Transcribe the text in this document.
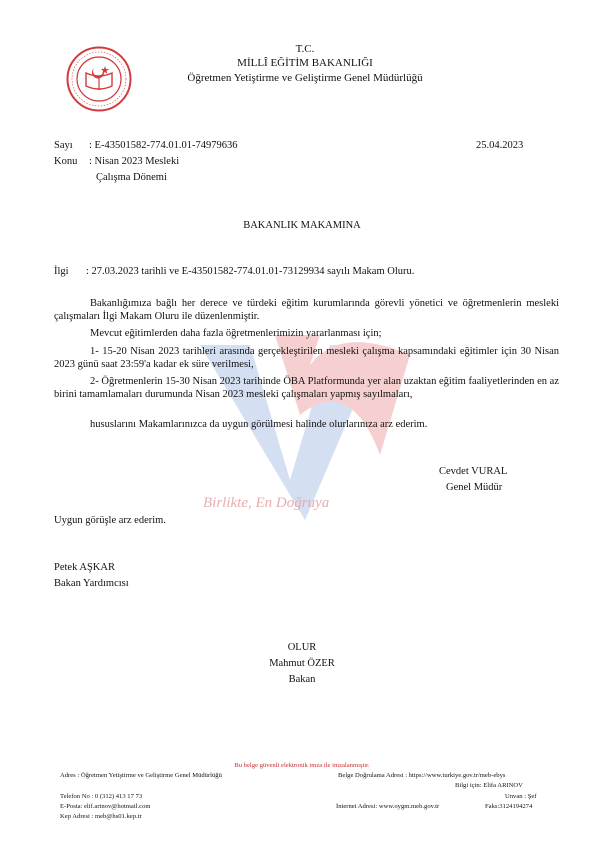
T.C.
MİLLÎ EĞİTİM BAKANLIĞI
Öğretmen Yetiştirme ve Geliştirme Genel Müdürlüğü
Sayı : E-43501582-774.01.01-74979636	25.04.2023
Konu : Nisan 2023 Mesleki
Çalışma Dönemi
BAKANLIK MAKAMINA
İlgi : 27.03.2023 tarihli ve E-43501582-774.01.01-73129934 sayılı Makam Oluru.
Birlikte, En Doğruya
Bakanlığımıza bağlı her derece ve türdeki eğitim kurumlarında görevli yönetici ve öğretmenlerin mesleki çalışmaları İlgi Makam Oluru ile düzenlenmiştir.
Mevcut eğitimlerden daha fazla öğretmenlerimizin yararlanması için;
1- 15-20 Nisan 2023 tarihleri arasında gerçekleştirilen mesleki çalışma kapsamındaki eğitimler için 30 Nisan 2023 günü saat 23:59'a kadar ek süre verilmesi,
2- Öğretmenlerin 15-30 Nisan 2023 tarihinde ÖBA Platformunda yer alan uzaktan eğitim faaliyetlerinden en az birini tamamlamaları durumunda Nisan 2023 mesleki çalışmaları yapmış sayılmaları,
hususlarını Makamlarınızca da uygun görülmesi halinde olurlarınıza arz ederim.
Cevdet VURAL
Genel Müdür
Uygun görüşle arz ederim.
Petek AŞKAR
Bakan Yardımcısı
OLUR
Mahmut ÖZER
Bakan
Bu belge güvenli elektronik imza ile imzalanmıştır.
Adres : Öğretmen Yetiştirme ve Geliştirme Genel Müdürlüğü	Belge Doğrulama Adresi : https://www.turkiye.gov.tr/meb-ebys
Bilgi için: Elifa ARINOV
Telefon No : 0 (312) 413 17 73	Unvan : Şef
E-Posta: elif.arinov@hotmail.com	İnternet Adresi: www.oygm.meb.gov.tr	Faks:3124194274
Kep Adresi : meb@hs01.kep.tr
